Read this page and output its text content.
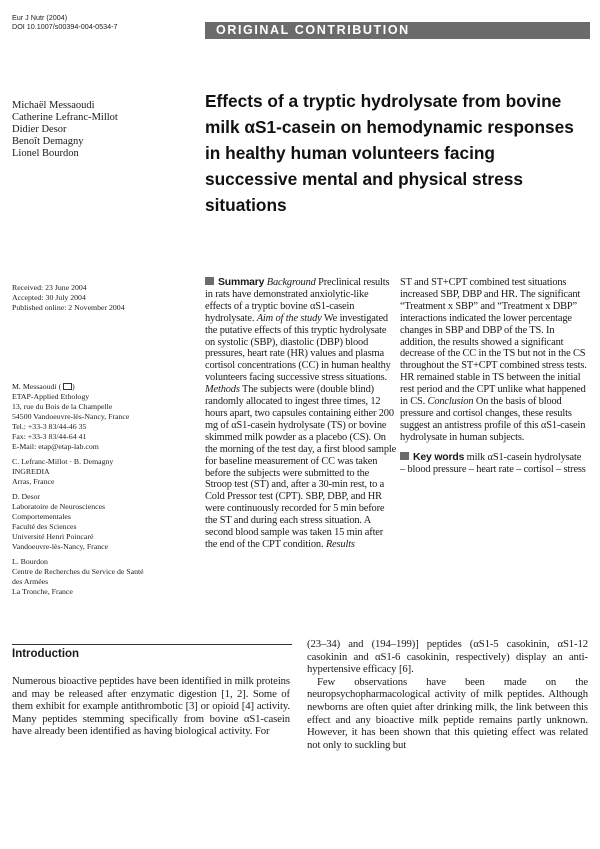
Eur J Nutr (2004)
DOI 10.1007/s00394-004-0534-7	ORIGINAL CONTRIBUTION
Michaël Messaoudi
Catherine Lefranc-Millot
Didier Desor
Benoît Demagny
Lionel Bourdon
Effects of a tryptic hydrolysate from bovine milk αS1-casein on hemodynamic responses in healthy human volunteers facing successive mental and physical stress situations
Received: 23 June 2004
Accepted: 30 July 2004
Published online: 2 November 2004
M. Messaoudi ( )
ETAP-Applied Ethology
13, rue du Bois de la Champelle
54500 Vandoeuvre-lès-Nancy, France
Tel.: +33-3 83/44-46 35
Fax: +33-3 83/44-64 41
E-Mail: etap@etap-lab.com
C. Lefranc-Millot · B. Demagny
INGREDIA
Arras, France
D. Desor
Laboratoire de Neurosciences
Comportementales
Faculté des Sciences
Université Henri Poincaré
Vandoeuvre-lès-Nancy, France
L. Bourdon
Centre de Recherches du Service de Santé
des Armées
La Tronche, France
Summary Background Preclinical results in rats have demonstrated anxiolytic-like effects of a tryptic bovine αS1-casein hydrolysate. Aim of the study We investigated the putative effects of this tryptic hydrolysate on systolic (SBP), diastolic (DBP) blood pressures, heart rate (HR) values and plasma cortisol concentrations (CC) in human healthy volunteers facing successive stress situations. Methods The subjects were (double blind) randomly allocated to ingest three times, 12 hours apart, two capsules containing either 200 mg of αS1-casein hydrolysate (TS) or bovine skimmed milk powder as a placebo (CS). On the morning of the test day, a first blood sample for baseline measurement of CC was taken before the subjects were submitted to the Stroop test (ST) and, after a 30-min rest, to a Cold Pressor test (CPT). SBP, DBP, and HR were continuously recorded for 5 min before the ST and during each stress situation. A second blood sample was taken 15 min after the end of the CPT condition. Results
ST and ST+CPT combined test situations increased SBP, DBP and HR. The significant “Treatment x SBP” and “Treatment x DBP” interactions indicated the lower percentage changes in SBP and DBP of the TS. In addition, the results showed a significant decrease of the CC in the TS but not in the CS throughout the ST+CPT combined stress tests. HR remained stable in TS between the initial rest period and the CPT unlike what happened in CS. Conclusion On the basis of blood pressure and cortisol changes, these results suggest an antistress profile of this αS1-casein hydrolysate in human subjects.
Key words milk αS1-casein hydrolysate – blood pressure – heart rate – cortisol – stress
Introduction

Numerous bioactive peptides have been identified in milk proteins and may be released after enzymatic digestion [1, 2]. Some of them exhibit for example antithrombotic [3] or opioid [4] activity. Many peptides stemming specifically from bovine αS1-casein have already been identified as having biological activity. For

(23–34) and (194–199)] peptides (αS1-5 casokinin, αS1-12 casokinin and αS1-6 casokinin, respectively) display an anti-hypertensive efficacy [6].

Few observations have been made on the neuropsychopharmacological activity of milk peptides. Although newborns are often quiet after drinking milk, the link between this effect and any bioactive milk peptide remains partly unknown. However, it has been shown that this quieting effect was related not only to suckling but
